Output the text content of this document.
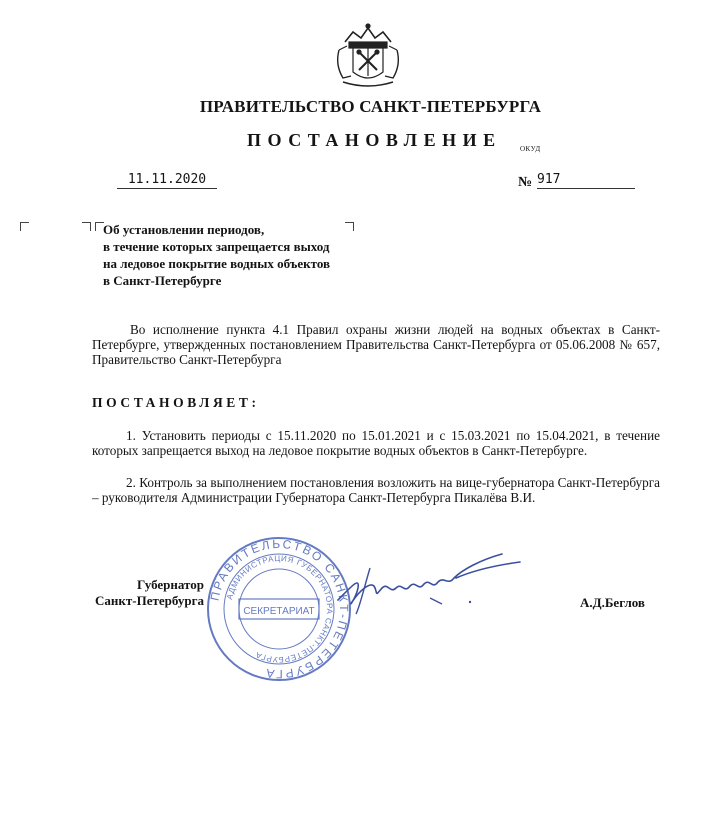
ПРАВИТЕЛЬСТВО САНКТ-ПЕТЕРБУРГА
ПОСТАНОВЛЕНИЕ	ОКУД
11.11.2020	№ 917
Об установлении периодов,
в течение которых запрещается выход
на ледовое покрытие водных объектов
в Санкт-Петербурге
Во исполнение пункта 4.1 Правил охраны жизни людей на водных объектах в Санкт-Петербурге, утвержденных постановлением Правительства Санкт-Петербурга от 05.06.2008 № 657, Правительство Санкт-Петербурга
ПОСТАНОВЛЯЕТ:
1. Установить периоды с 15.11.2020 по 15.01.2021 и с 15.03.2021 по 15.04.2021, в течение которых запрещается выход на ледовое покрытие водных объектов в Санкт-Петербурге.
2. Контроль за выполнением постановления возложить на вице-губернатора Санкт-Петербурга – руководителя Администрации Губернатора Санкт-Петербурга Пикалёва В.И.
Губернатор
Санкт-Петербурга ПРАВИТЕЛЬСТВО САНКТ-ПЕТЕРБУРГА
АДМИНИСТРАЦИЯ ГУБЕРНАТОРА САНКТ-ПЕТЕРБУРГА
СЕКРЕТАРИАТ
А.Д.Беглов
